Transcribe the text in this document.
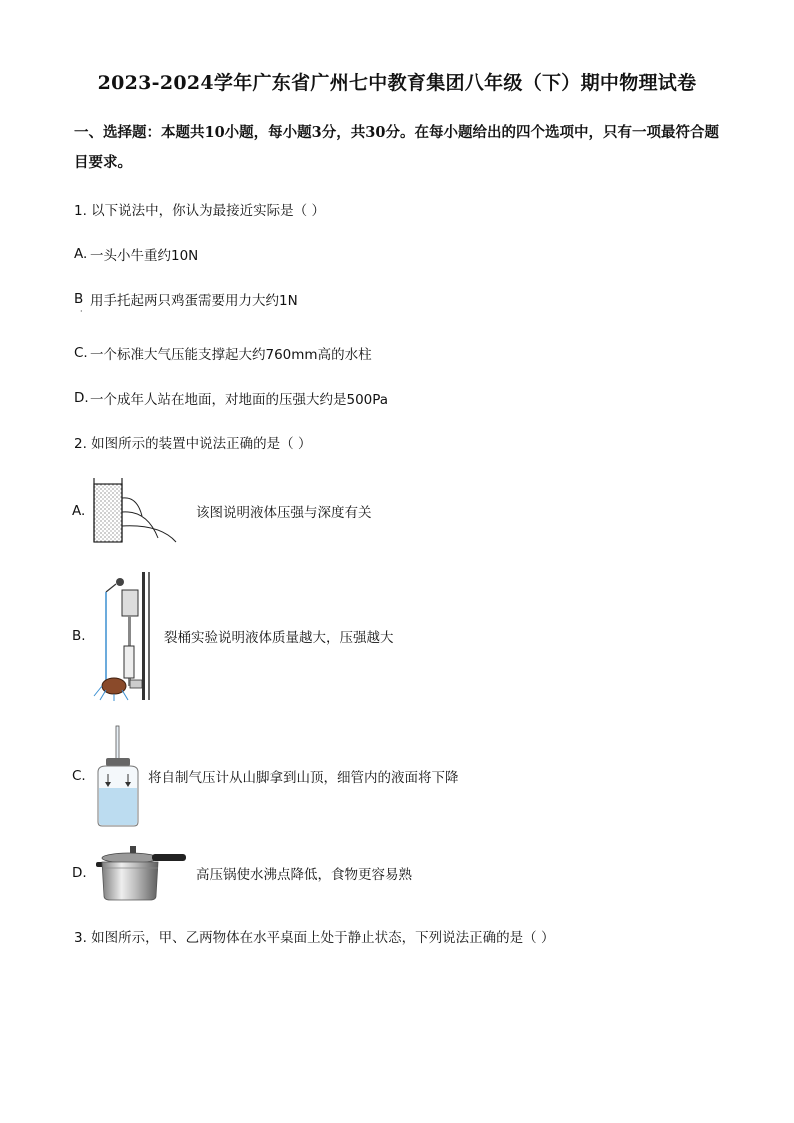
2023-2024学年广东省广州七中教育集团八年级（下）期中物理试卷
一、选择题：本题共10小题，每小题3分，共30分。在每小题给出的四个选项中，只有一项最符合题目要求。
1. 以下说法中，你认为最接近实际是（ ）
A. 一头小牛重约10N
B 用手托起两只鸡蛋需要用力大约1N
·
C. 一个标准大气压能支撑起大约760mm高的水柱
D. 一个成年人站在地面，对地面的压强大约是500Pa
2. 如图所示的装置中说法正确的是（ ）
A.	该图说明液体压强与深度有关
B.	裂桶实验说明液体质量越大，压强越大
C.	将自制气压计从山脚拿到山顶，细管内的液面将下降
D.	高压锅使水沸点降低，食物更容易熟
3. 如图所示，甲、乙两物体在水平桌面上处于静止状态，下列说法正确的是（ ）
